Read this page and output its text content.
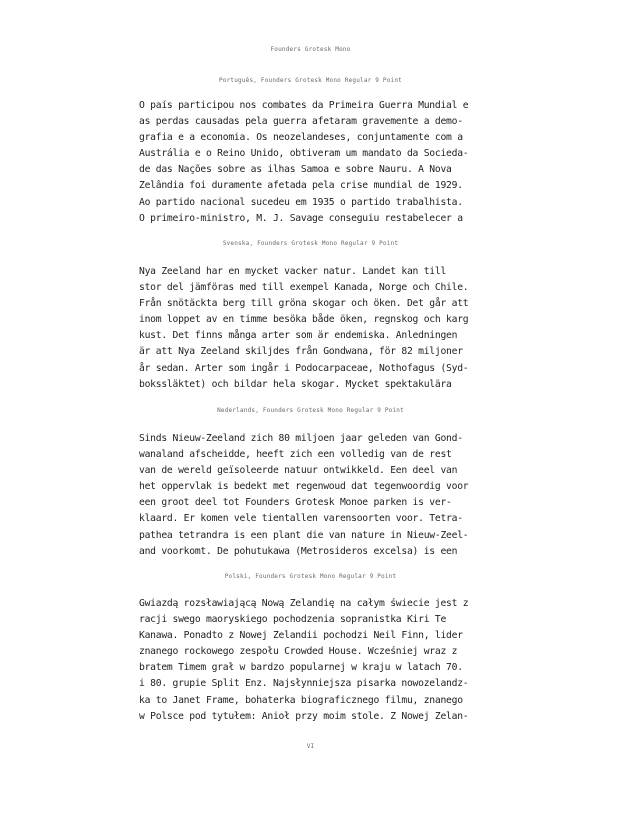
Founders Grotesk Mono
Português, Founders Grotesk Mono Regular 9 Point
O país participou nos combates da Primeira Guerra Mundial e
as perdas causadas pela guerra afetaram gravemente a demo-
grafia e a economia. Os neozelandeses, conjuntamente com a
Austrália e o Reino Unido, obtiveram um mandato da Socieda-
de das Nações sobre as ilhas Samoa e sobre Nauru. A Nova
Zelândia foi duramente afetada pela crise mundial de 1929.
Ao partido nacional sucedeu em 1935 o partido trabalhista.
O primeiro-ministro, M. J. Savage conseguiu restabelecer a
Svenska, Founders Grotesk Mono Regular 9 Point
Nya Zeeland har en mycket vacker natur. Landet kan till
stor del jämföras med till exempel Kanada, Norge och Chile.
Från snötäckta berg till gröna skogar och öken. Det går att
inom loppet av en timme besöka både öken, regnskog och karg
kust. Det finns många arter som är endemiska. Anledningen
är att Nya Zeeland skiljdes från Gondwana, för 82 miljoner
år sedan. Arter som ingår i Podocarpaceae, Nothofagus (Syd-
bokssläktet) och bildar hela skogar. Mycket spektakulära
Nederlands, Founders Grotesk Mono Regular 9 Point
Sinds Nieuw-Zeeland zich 80 miljoen jaar geleden van Gond-
wanaland afscheidde, heeft zich een volledig van de rest
van de wereld geïsoleerde natuur ontwikkeld. Een deel van
het oppervlak is bedekt met regenwoud dat tegenwoordig voor
een groot deel tot Founders Grotesk Monoe parken is ver-
klaard. Er komen vele tientallen varensoorten voor. Tetra-
pathea tetrandra is een plant die van nature in Nieuw-Zeel-
and voorkomt. De pohutukawa (Metrosideros excelsa) is een
Polski, Founders Grotesk Mono Regular 9 Point
Gwiazdą rozsławiającą Nową Zelandię na całym świecie jest z
racji swego maoryskiego pochodzenia sopranistka Kiri Te
Kanawa. Ponadto z Nowej Zelandii pochodzi Neil Finn, lider
znanego rockowego zespołu Crowded House. Wcześniej wraz z
bratem Timem grał w bardzo popularnej w kraju w latach 70.
i 80. grupie Split Enz. Najsłynniejsza pisarka nowozelandz-
ka to Janet Frame, bohaterka biograficznego filmu, znanego
w Polsce pod tytułem: Anioł przy moim stole. Z Nowej Zelan-
VI
